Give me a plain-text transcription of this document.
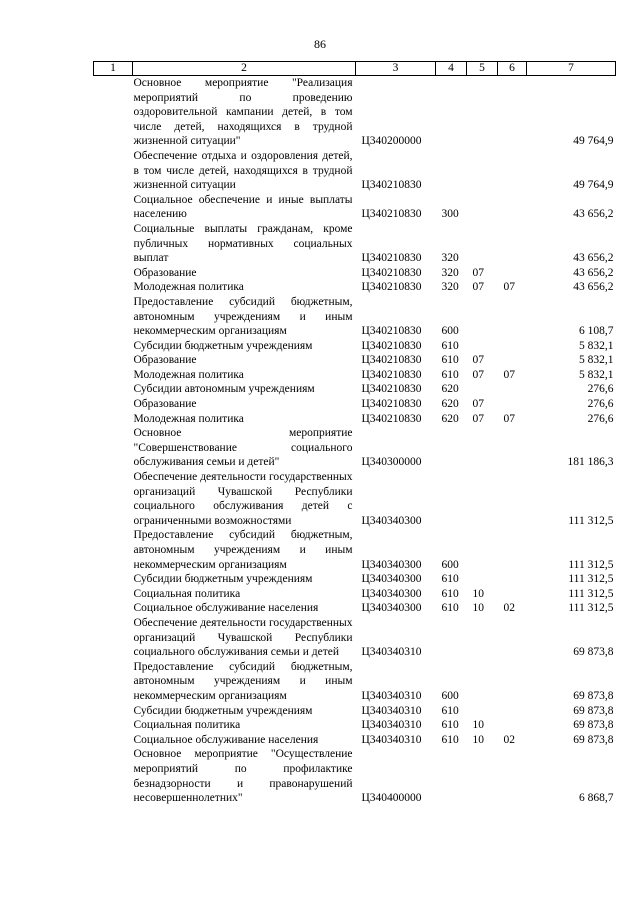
86
1	2	3	4	5	6	7
Основное мероприятие "Реализация мероприятий по проведению оздоровительной кампании детей, в том числе детей, находящихся в трудной жизненной ситуации"		Ц340200000				49 764,9
Обеспечение отдыха и оздоровления детей, в том числе детей, находящихся в трудной жизненной ситуации		Ц340210830				49 764,9
Социальное обеспечение и иные выплаты населению		Ц340210830	300			43 656,2
Социальные выплаты гражданам, кроме публичных нормативных социальных выплат		Ц340210830	320			43 656,2
Образование		Ц340210830	320	07		43 656,2
Молодежная политика		Ц340210830	320	07	07	43 656,2
Предоставление субсидий бюджетным, автономным учреждениям и иным некоммерческим организациям		Ц340210830	600			6 108,7
Субсидии бюджетным учреждениям		Ц340210830	610			5 832,1
Образование		Ц340210830	610	07		5 832,1
Молодежная политика		Ц340210830	610	07	07	5 832,1
Субсидии автономным учреждениям		Ц340210830	620			276,6
Образование		Ц340210830	620	07		276,6
Молодежная политика		Ц340210830	620	07	07	276,6
Основное мероприятие "Совершенствование социального обслуживания семьи и детей"		Ц340300000				181 186,3
Обеспечение деятельности государственных организаций Чувашской Республики социального обслуживания детей с ограниченными возможностями		Ц340340300				111 312,5
Предоставление субсидий бюджетным, автономным учреждениям и иным некоммерческим организациям		Ц340340300	600			111 312,5
Субсидии бюджетным учреждениям		Ц340340300	610			111 312,5
Социальная политика		Ц340340300	610	10		111 312,5
Социальное обслуживание населения		Ц340340300	610	10	02	111 312,5
Обеспечение деятельности государственных организаций Чувашской Республики социального обслуживания семьи и детей		Ц340340310				69 873,8
Предоставление субсидий бюджетным, автономным учреждениям и иным некоммерческим организациям		Ц340340310	600			69 873,8
Субсидии бюджетным учреждениям		Ц340340310	610			69 873,8
Социальная политика		Ц340340310	610	10		69 873,8
Социальное обслуживание населения		Ц340340310	610	10	02	69 873,8
Основное мероприятие "Осуществление мероприятий по профилактике безнадзорности и правонарушений несовершеннолетних"		Ц340400000				6 868,7
